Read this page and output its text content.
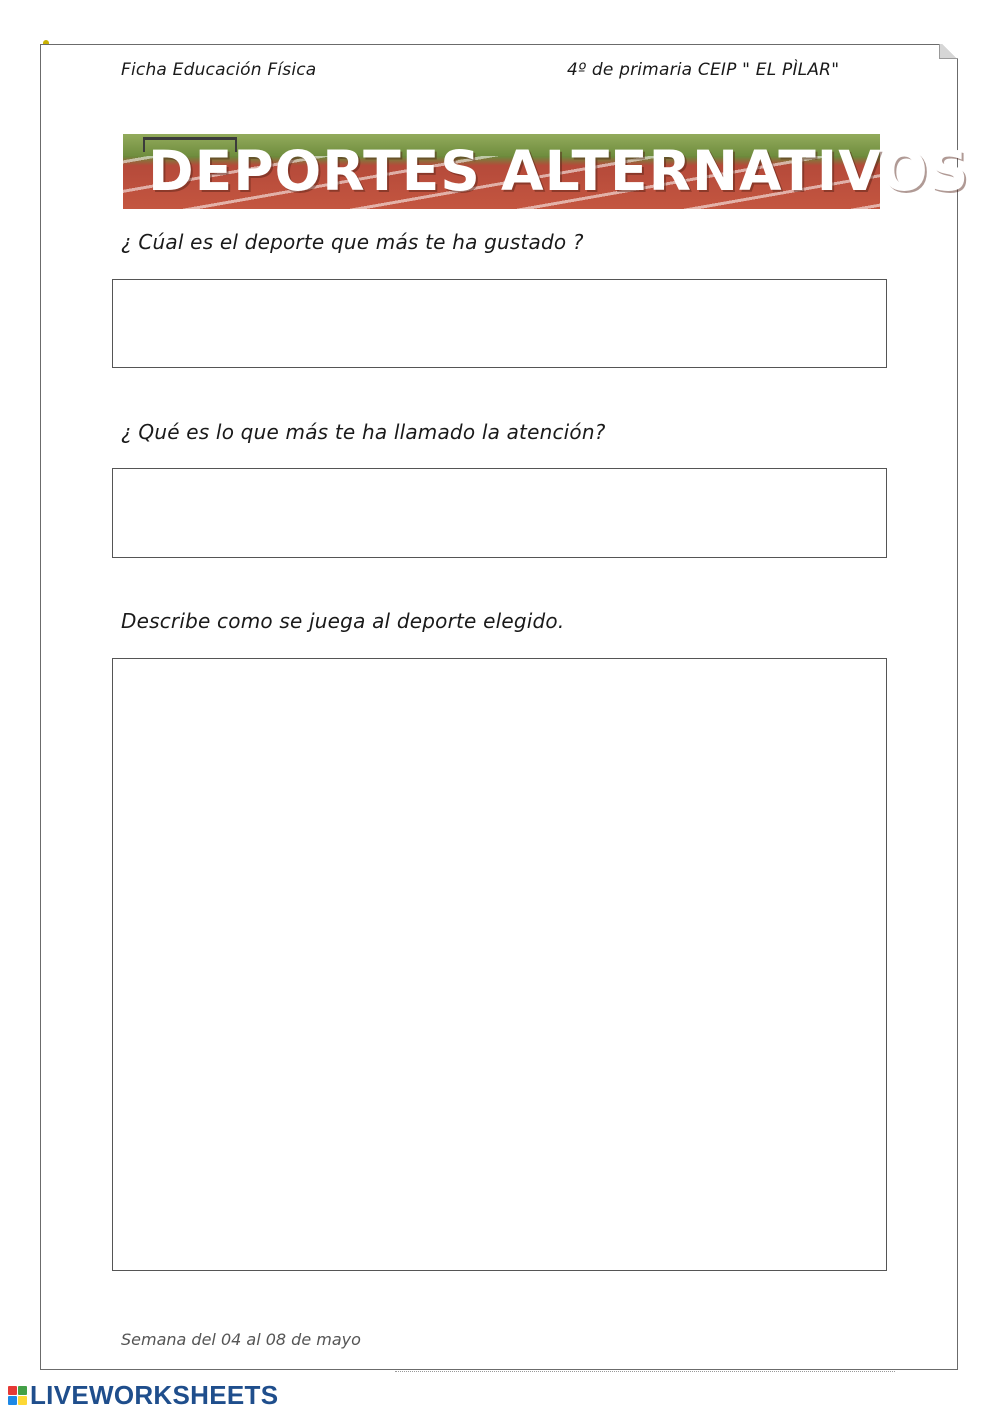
Ficha Educación Física	4º de primaria CEIP " EL PÌLAR"
DEPORTES ALTERNATIVOS
¿ Cúal es el deporte que más te ha gustado ?
¿ Qué es lo que más te ha llamado la atención?
Describe como se juega al deporte elegido.
Semana del 04 al 08 de mayo
LIVEWORKSHEETS
